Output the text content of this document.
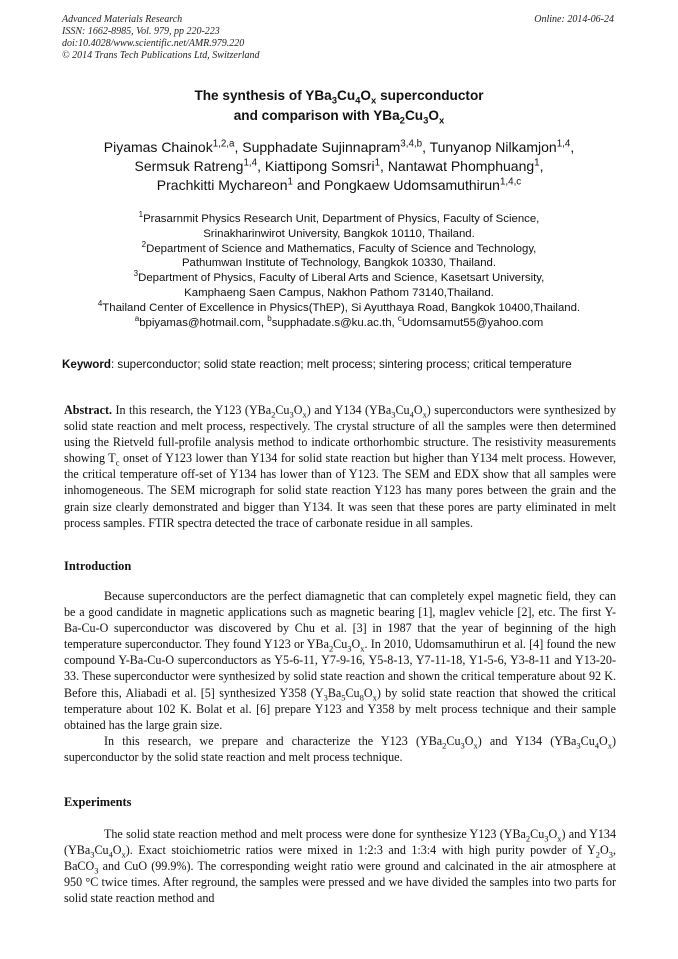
Advanced Materials Research
ISSN: 1662-8985, Vol. 979, pp 220-223
doi:10.4028/www.scientific.net/AMR.979.220
© 2014 Trans Tech Publications Ltd, Switzerland
Online: 2014-06-24
The synthesis of $YBa_3Cu_4O_x$ superconductor
and comparison with $YBa_2Cu_3O_x$
Piyamas Chainok$^{1,2,a}$, Supphadate Sujinnapram$^{3,4,b}$, Tunyanop Nilkamjon$^{1,4}$,
Sermsuk Ratreng$^{1,4}$, Kiattipong Somsri$^1$, Nantawat Phomphuang$^1$,
Prachkitti Mychareon$^1$ and Pongkaew Udomsamuthirun$^{1,4,c}$
$^1$Prasarnmit Physics Research Unit, Department of Physics, Faculty of Science,
Srinakharinwirot University, Bangkok 10110, Thailand.
$^2$Department of Science and Mathematics, Faculty of Science and Technology,
Pathumwan Institute of Technology, Bangkok 10330, Thailand.
$^3$Department of Physics, Faculty of Liberal Arts and Science, Kasetsart University,
Kamphaeng Saen Campus, Nakhon Pathom 73140,Thailand.
$^4$Thailand Center of Excellence in Physics(ThEP), Si Ayutthaya Road, Bangkok 10400,Thailand.
$^a$bpiyamas@hotmail.com, $^b$supphadate.s@ku.ac.th, $^c$Udomsamut55@yahoo.com
Keyword: superconductor; solid state reaction; melt process; sintering process; critical temperature

Abstract. In this research, the Y123 $(YBa_2Cu_3O_x)$ and Y134 $(YBa_3Cu_4O_x)$ superconductors were synthesized by solid state reaction and melt process, respectively. The crystal structure of all the samples were then determined using the Rietveld full-profile analysis method to indicate orthorhombic structure. The resistivity measurements showing $T_c$ onset of Y123 lower than Y134 for solid state reaction but higher than Y134 melt process. However, the critical temperature off-set of Y134 has lower than of Y123. The SEM and EDX show that all samples were inhomogeneous. The SEM micrograph for solid state reaction Y123 has many pores between the grain and the grain size clearly demonstrated and bigger than Y134. It was seen that these pores are party eliminated in melt process samples. FTIR spectra detected the trace of carbonate residue in all samples.

Introduction

Because superconductors are the perfect diamagnetic that can completely expel magnetic field, they can be a good candidate in magnetic applications such as magnetic bearing [1], maglev vehicle [2], etc. The first Y-Ba-Cu-O superconductor was discovered by Chu et al. [3] in 1987 that the year of beginning of the high temperature superconductor. They found Y123 or $YBa_2Cu_3O_x$. In 2010, Udomsamuthirun et al. [4] found the new compound Y-Ba-Cu-O superconductors as Y5-6-11, Y7-9-16, Y5-8-13, Y7-11-18, Y1-5-6, Y3-8-11 and Y13-20-33. These superconductor were synthesized by solid state reaction and shown the critical temperature about 92 K. Before this, Aliabadi et al. [5] synthesized Y358 $(Y_3Ba_5Cu_8O_x)$ by solid state reaction that showed the critical temperature about 102 K. Bolat et al. [6] prepare Y123 and Y358 by melt process technique and their sample obtained has the large grain size.

In this research, we prepare and characterize the Y123 $(YBa_2Cu_3O_x)$ and Y134 $(YBa_3Cu_4O_x)$ superconductor by the solid state reaction and melt process technique.

Experiments

The solid state reaction method and melt process were done for synthesize Y123 $(YBa_2Cu_3O_x)$ and Y134 $(YBa_3Cu_4O_x)$. Exact stoichiometric ratios were mixed in 1:2:3 and 1:3:4 with high purity powder of $Y_2O_3$, BaCO$_3$ and CuO (99.9%). The corresponding weight ratio were ground and calcinated in the air atmosphere at 950 °C twice times. After reground, the samples were pressed and we have divided the samples into two parts for solid state reaction method and
